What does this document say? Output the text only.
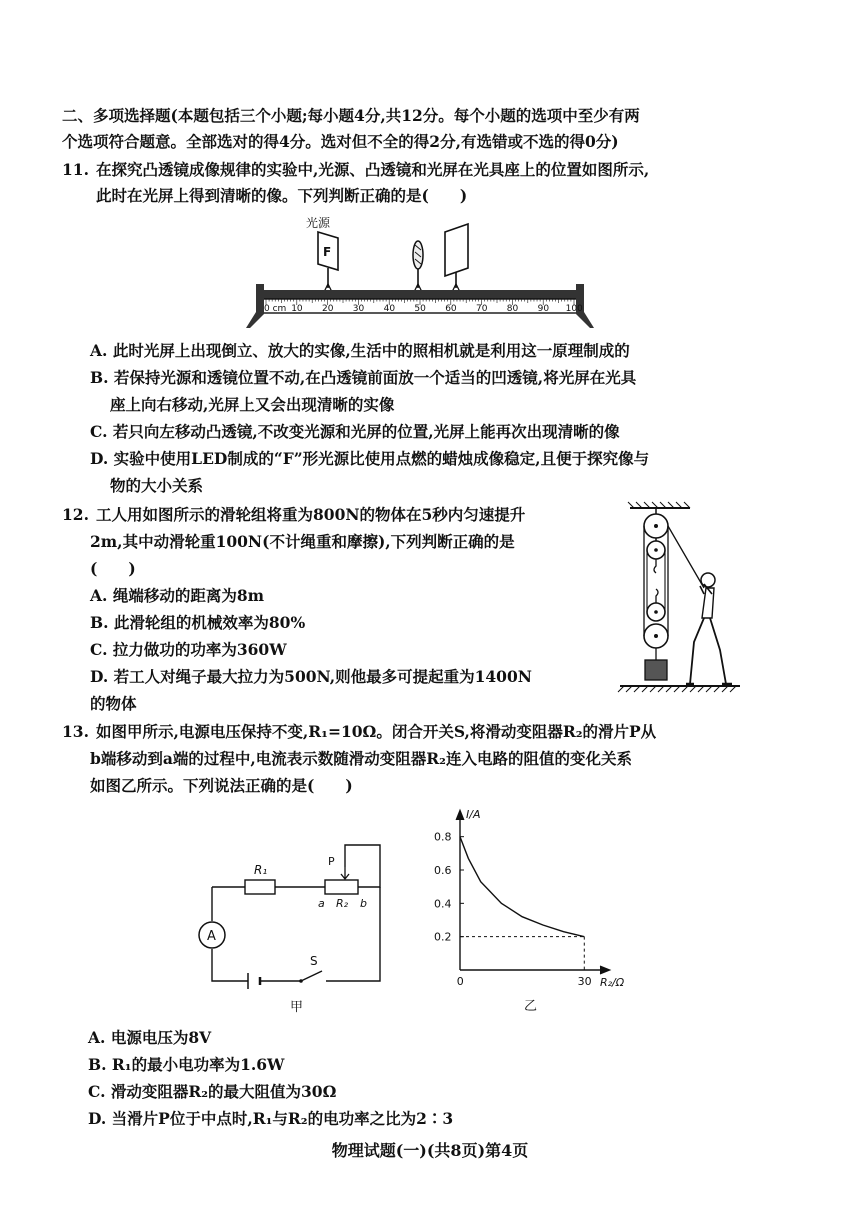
二、多项选择题(本题包括三个小题;每小题4分,共12分。每个小题的选项中至少有两
个选项符合题意。全部选对的得4分。选对但不全的得2分,有选错或不选的得0分)
11. 在探究凸透镜成像规律的实验中,光源、凸透镜和光屏在光具座上的位置如图所示,
此时在光屏上得到清晰的像。下列判断正确的是(　　)
光源
F
0 cm 10 20 30 40 50 60 70 80 90 100
A. 此时光屏上出现倒立、放大的实像,生活中的照相机就是利用这一原理制成的
B. 若保持光源和透镜位置不动,在凸透镜前面放一个适当的凹透镜,将光屏在光具
座上向右移动,光屏上又会出现清晰的实像
C. 若只向左移动凸透镜,不改变光源和光屏的位置,光屏上能再次出现清晰的像
D. 实验中使用LED制成的“F”形光源比使用点燃的蜡烛成像稳定,且便于探究像与
物的大小关系
12. 工人用如图所示的滑轮组将重为800N的物体在5秒内匀速提升
2m,其中动滑轮重100N(不计绳重和摩擦),下列判断正确的是
(　　)
A. 绳端移动的距离为8m
B. 此滑轮组的机械效率为80%
C. 拉力做功的功率为360W
D. 若工人对绳子最大拉力为500N,则他最多可提起重为1400N
的物体
13. 如图甲所示,电源电压保持不变,R₁=10Ω。闭合开关S,将滑动变阻器R₂的滑片P从
b端移动到a端的过程中,电流表示数随滑动变阻器R₂连入电路的阻值的变化关系
如图乙所示。下列说法正确的是(　　)
R₁
P
a R₂ b
A
S
甲
I/A
R₂/Ω
0.8
0.6
0.4
0.2
0	30
乙
A. 电源电压为8V
B. R₁的最小电功率为1.6W
C. 滑动变阻器R₂的最大阻值为30Ω
D. 当滑片P位于中点时,R₁与R₂的电功率之比为2∶3
物理试题(一)(共8页)第4页
